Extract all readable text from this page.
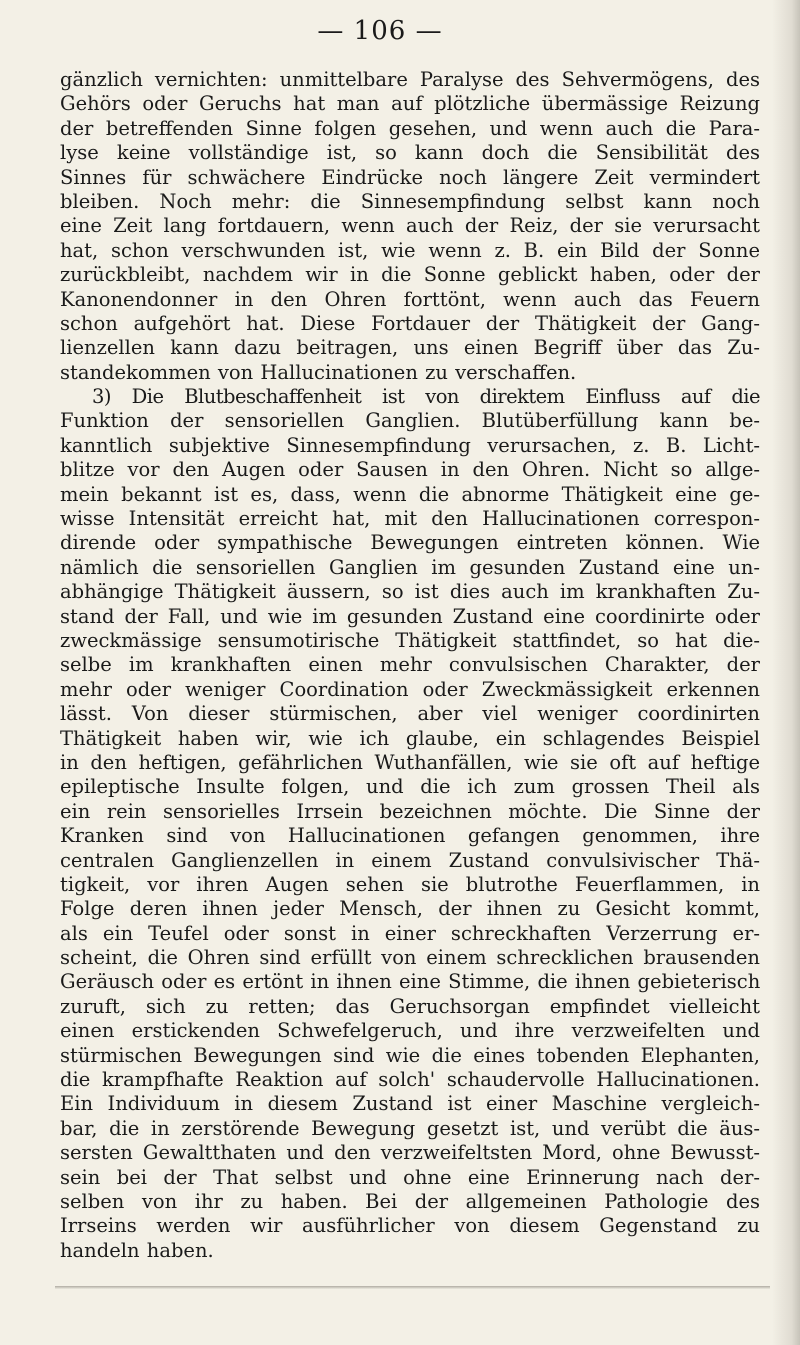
— 106 —
gänzlich vernichten: unmittelbare Paralyse des Sehvermögens, des
Gehörs oder Geruchs hat man auf plötzliche übermässige Reizung
der betreffenden Sinne folgen gesehen, und wenn auch die Para-
lyse keine vollständige ist, so kann doch die Sensibilität des
Sinnes für schwächere Eindrücke noch längere Zeit vermindert
bleiben. Noch mehr: die Sinnesempfindung selbst kann noch
eine Zeit lang fortdauern, wenn auch der Reiz, der sie verursacht
hat, schon verschwunden ist, wie wenn z. B. ein Bild der Sonne
zurückbleibt, nachdem wir in die Sonne geblickt haben, oder der
Kanonendonner in den Ohren forttönt, wenn auch das Feuern
schon aufgehört hat. Diese Fortdauer der Thätigkeit der Gang-
lienzellen kann dazu beitragen, uns einen Begriff über das Zu-
standekommen von Hallucinationen zu verschaffen.
3) Die Blutbeschaffenheit ist von direktem Einfluss auf die
Funktion der sensoriellen Ganglien. Blutüberfüllung kann be-
kanntlich subjektive Sinnesempfindung verursachen, z. B. Licht-
blitze vor den Augen oder Sausen in den Ohren. Nicht so allge-
mein bekannt ist es, dass, wenn die abnorme Thätigkeit eine ge-
wisse Intensität erreicht hat, mit den Hallucinationen correspon-
dirende oder sympathische Bewegungen eintreten können. Wie
nämlich die sensoriellen Ganglien im gesunden Zustand eine un-
abhängige Thätigkeit äussern, so ist dies auch im krankhaften Zu-
stand der Fall, und wie im gesunden Zustand eine coordinirte oder
zweckmässige sensumotirische Thätigkeit stattfindet, so hat die-
selbe im krankhaften einen mehr convulsischen Charakter, der
mehr oder weniger Coordination oder Zweckmässigkeit erkennen
lässt. Von dieser stürmischen, aber viel weniger coordinirten
Thätigkeit haben wir, wie ich glaube, ein schlagendes Beispiel
in den heftigen, gefährlichen Wuthanfällen, wie sie oft auf heftige
epileptische Insulte folgen, und die ich zum grossen Theil als
ein rein sensorielles Irrsein bezeichnen möchte. Die Sinne der
Kranken sind von Hallucinationen gefangen genommen, ihre
centralen Ganglienzellen in einem Zustand convulsivischer Thä-
tigkeit, vor ihren Augen sehen sie blutrothe Feuerflammen, in
Folge deren ihnen jeder Mensch, der ihnen zu Gesicht kommt,
als ein Teufel oder sonst in einer schreckhaften Verzerrung er-
scheint, die Ohren sind erfüllt von einem schrecklichen brausenden
Geräusch oder es ertönt in ihnen eine Stimme, die ihnen gebieterisch
zuruft, sich zu retten; das Geruchsorgan empfindet vielleicht
einen erstickenden Schwefelgeruch, und ihre verzweifelten und
stürmischen Bewegungen sind wie die eines tobenden Elephanten,
die krampfhafte Reaktion auf solch' schaudervolle Hallucinationen.
Ein Individuum in diesem Zustand ist einer Maschine vergleich-
bar, die in zerstörende Bewegung gesetzt ist, und verübt die äus-
sersten Gewaltthaten und den verzweifeltsten Mord, ohne Bewusst-
sein bei der That selbst und ohne eine Erinnerung nach der-
selben von ihr zu haben. Bei der allgemeinen Pathologie des
Irrseins werden wir ausführlicher von diesem Gegenstand zu
handeln haben.
